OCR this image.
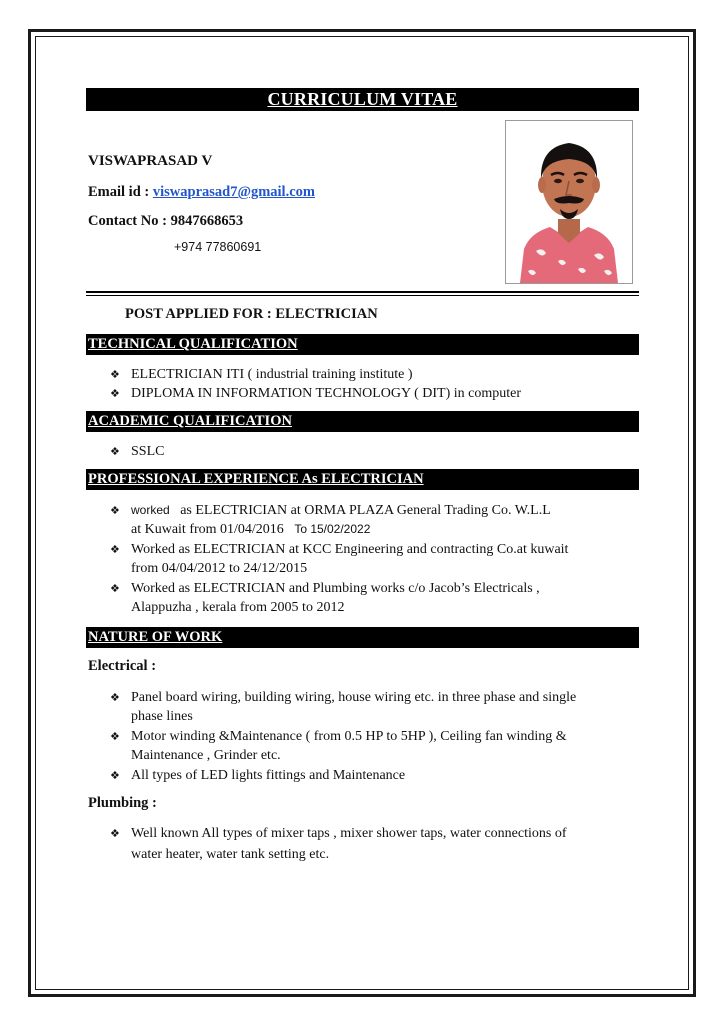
CURRICULUM VITAE
VISWAPRASAD V
Email id : viswaprasad7@gmail.com
Contact No : 9847668653
+974 77860691
POST APPLIED FOR : ELECTRICIAN
TECHNICAL QUALIFICATION
❖ ELECTRICIAN ITI ( industrial training institute )
❖ DIPLOMA IN INFORMATION TECHNOLOGY ( DIT) in computer
ACADEMIC QUALIFICATION
❖ SSLC
PROFESSIONAL EXPERIENCE As ELECTRICIAN
❖ worked as ELECTRICIAN at ORMA PLAZA General Trading Co. W.L.L
at Kuwait from 01/04/2016 To 15/02/2022
❖ Worked as ELECTRICIAN at KCC Engineering and contracting Co.at kuwait
from 04/04/2012 to 24/12/2015
❖ Worked as ELECTRICIAN and Plumbing works c/o Jacob’s Electricals ,
Alappuzha , kerala from 2005 to 2012
NATURE OF WORK
Electrical :
❖ Panel board wiring, building wiring, house wiring etc. in three phase and single
phase lines
❖ Motor winding &Maintenance ( from 0.5 HP to 5HP ), Ceiling fan winding &
Maintenance , Grinder etc.
❖ All types of LED lights fittings and Maintenance
Plumbing :
❖ Well known All types of mixer taps , mixer shower taps, water connections of
water heater, water tank setting etc.
